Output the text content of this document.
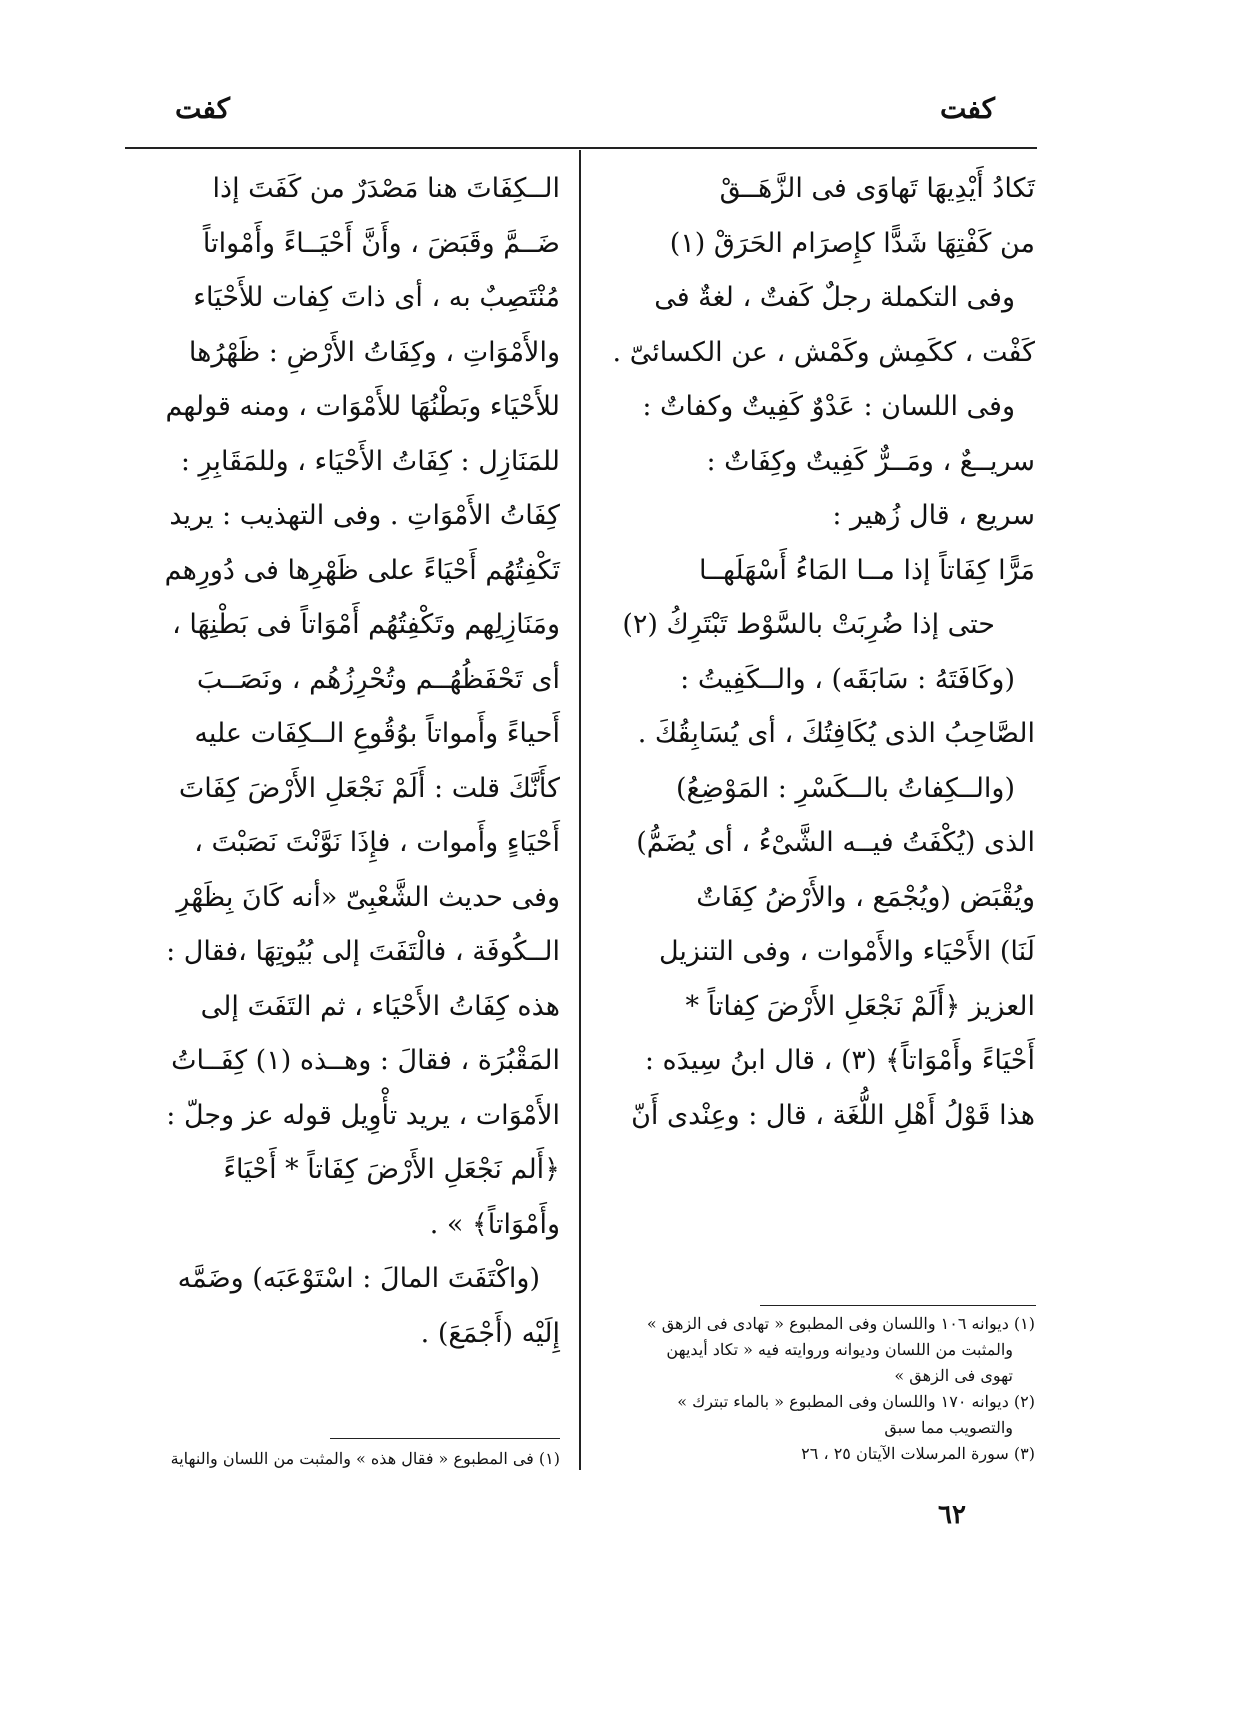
كفت	كفت

تَكادُ أَيْدِيهَا تَهاوَى فى الزَّهَــقْ

من كَفْتِهَا شَدًّا كإِصرَام الحَرَقْ (١)

وفى التكملة رجلٌ كَفتٌ ، لغةٌ فى

كَفْت ، ككَمِش وكَمْش ، عن الكسائىّ .

وفى اللسان : عَدْوٌ كَفِيتٌ وكفاتٌ :

سريــعٌ ، ومَــرٌّ كَفِيتٌ وكِفَاتٌ :

سريع ، قال زُهير :

مَرًّا كِفَاتاً إذا مــا المَاءُ أَسْهَلَهــا

حتى إذا ضُرِبَتْ بالسَّوْط تَبْتَرِكُ (٢)

(وكَافَتَهُ : سَابَقَه) ، والــكَفِيتُ :

الصَّاحِبُ الذى يُكَافِتُكَ ، أى يُسَابِقُكَ .

(والــكِفاتُ بالــكَسْرِ : المَوْضِعُ)

الذى (يُكْفَتُ فيــه الشَّىْءُ ، أى يُضَمُّ)

ويُقْبَض (ويُجْمَع ، والأَرْضُ كِفَاتٌ

لَنَا) الأَحْيَاء والأَمْوات ، وفى التنزيل

العزيز ﴿أَلَمْ نَجْعَلِ الأَرْضَ كِفاتاً *

أَحْيَاءً وأَمْوَاتاً﴾ (٣) ، قال ابنُ سِيدَه :

هذا قَوْلُ أَهْلِ اللُّغَة ، قال : وعِنْدى أَنّ

(١) ديوانه ١٠٦ واللسان وفى المطبوع « تهادى فى الزهق »

والمثبت من اللسان وديوانه وروايته فيه « تكاد أيديهن

تهوى فى الزهق »

(٢) ديوانه ١٧٠ واللسان وفى المطبوع « بالماء تبترك »

والتصويب مما سبق

(٣) سورة المرسلات الآيتان ٢٥ ، ٢٦

الــكِفَاتَ هنا مَصْدَرٌ من كَفَتَ إذا

ضَــمَّ وقَبَضَ ، وأَنَّ أَحْيَــاءً وأَمْواتاً

مُنْتَصِبٌ به ، أى ذاتَ كِفات للأَحْيَاء

والأَمْوَاتِ ، وكِفَاتُ الأَرْضِ : ظَهْرُها

للأَحْيَاء وبَطْنُهَا للأَمْوَات ، ومنه قولهم

للمَنَازِل : كِفَاتُ الأَحْيَاء ، وللمَقَابِرِ :

كِفَاتُ الأَمْوَاتِ . وفى التهذيب : يريد

تَكْفِتُهُم أَحْيَاءً على ظَهْرِها فى دُورِهم

ومَنَازِلِهم وتَكْفِتُهُم أَمْوَاتاً فى بَطْنِهَا ،

أى تَحْفَظُهُــم وتُحْرِزُهُم ، ونَصَــبَ

أَحياءً وأَمواتاً بوُقُوعِ الــكِفَات عليه

كأَنَّكَ قلت : أَلَمْ نَجْعَلِ الأَرْضَ كِفَاتَ

أَحْيَاءٍ وأَموات ، فإِذَا نَوَّنْتَ نَصَبْتَ ،

وفى حديث الشَّعْبِىّ «أنه كَانَ بِظَهْرِ

الــكُوفَة ، فالْتَفَتَ إلى بُيُوتِهَا ،فقال :

هذه كِفَاتُ الأَحْيَاء ، ثم التَفَتَ إلى

المَقْبُرَة ، فقالَ : وهــذه (١) كِفَــاتُ

الأَمْوَات ، يريد تأْوِيل قوله عز وجلّ :

﴿أَلم نَجْعَلِ الأَرْضَ كِفَاتاً * أَحْيَاءً

وأَمْوَاتاً﴾ » .

(واكْتَفَتَ المالَ : اسْتَوْعَبَه) وضَمَّه

إِلَيْه (أَجْمَعَ) .

(١) فى المطبوع « فقال هذه » والمثبت من اللسان والنهاية

٦٢
